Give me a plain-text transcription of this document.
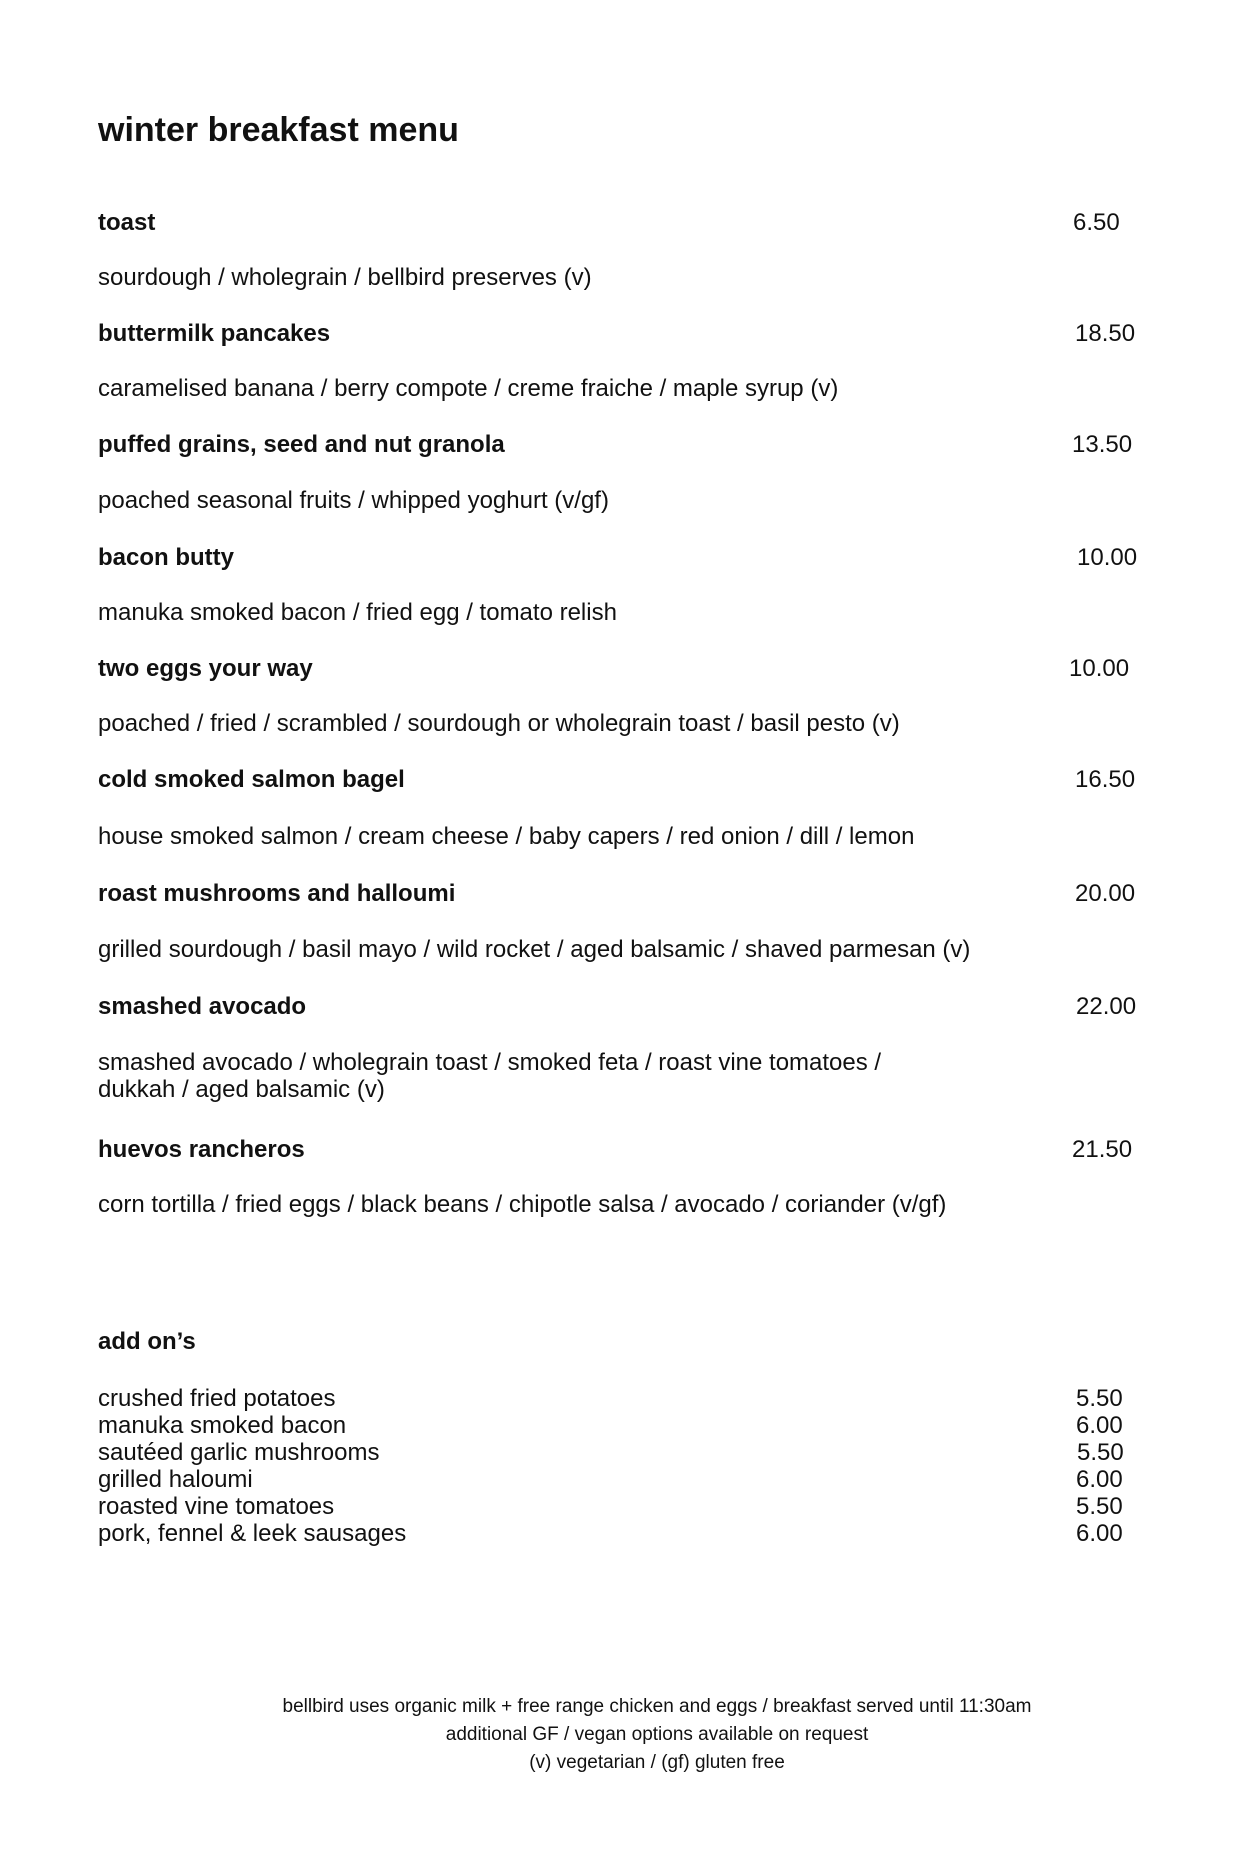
winter breakfast menu
toast	6.50
sourdough / wholegrain / bellbird preserves (v)
buttermilk pancakes	18.50
caramelised banana / berry compote / creme fraiche / maple syrup (v)
puffed grains, seed and nut granola	13.50
poached seasonal fruits / whipped yoghurt (v/gf)
bacon butty	10.00
manuka smoked bacon / fried egg / tomato relish
two eggs your way	10.00
poached / fried / scrambled / sourdough or wholegrain toast / basil pesto (v)
cold smoked salmon bagel	16.50
house smoked salmon / cream cheese / baby capers / red onion / dill / lemon
roast mushrooms and halloumi	20.00
grilled sourdough / basil mayo / wild rocket / aged balsamic / shaved parmesan (v)
smashed avocado	22.00
smashed avocado / wholegrain toast / smoked feta / roast vine tomatoes /
dukkah / aged balsamic (v)
huevos rancheros	21.50
corn tortilla / fried eggs / black beans / chipotle salsa / avocado / coriander (v/gf)
add on’s
crushed fried potatoes	5.50
manuka smoked bacon	6.00
sautéed garlic mushrooms	5.50
grilled haloumi	6.00
roasted vine tomatoes	5.50
pork, fennel & leek sausages	6.00
bellbird uses organic milk + free range chicken and eggs / breakfast served until 11:30am
additional GF / vegan options available on request
(v) vegetarian / (gf) gluten free
